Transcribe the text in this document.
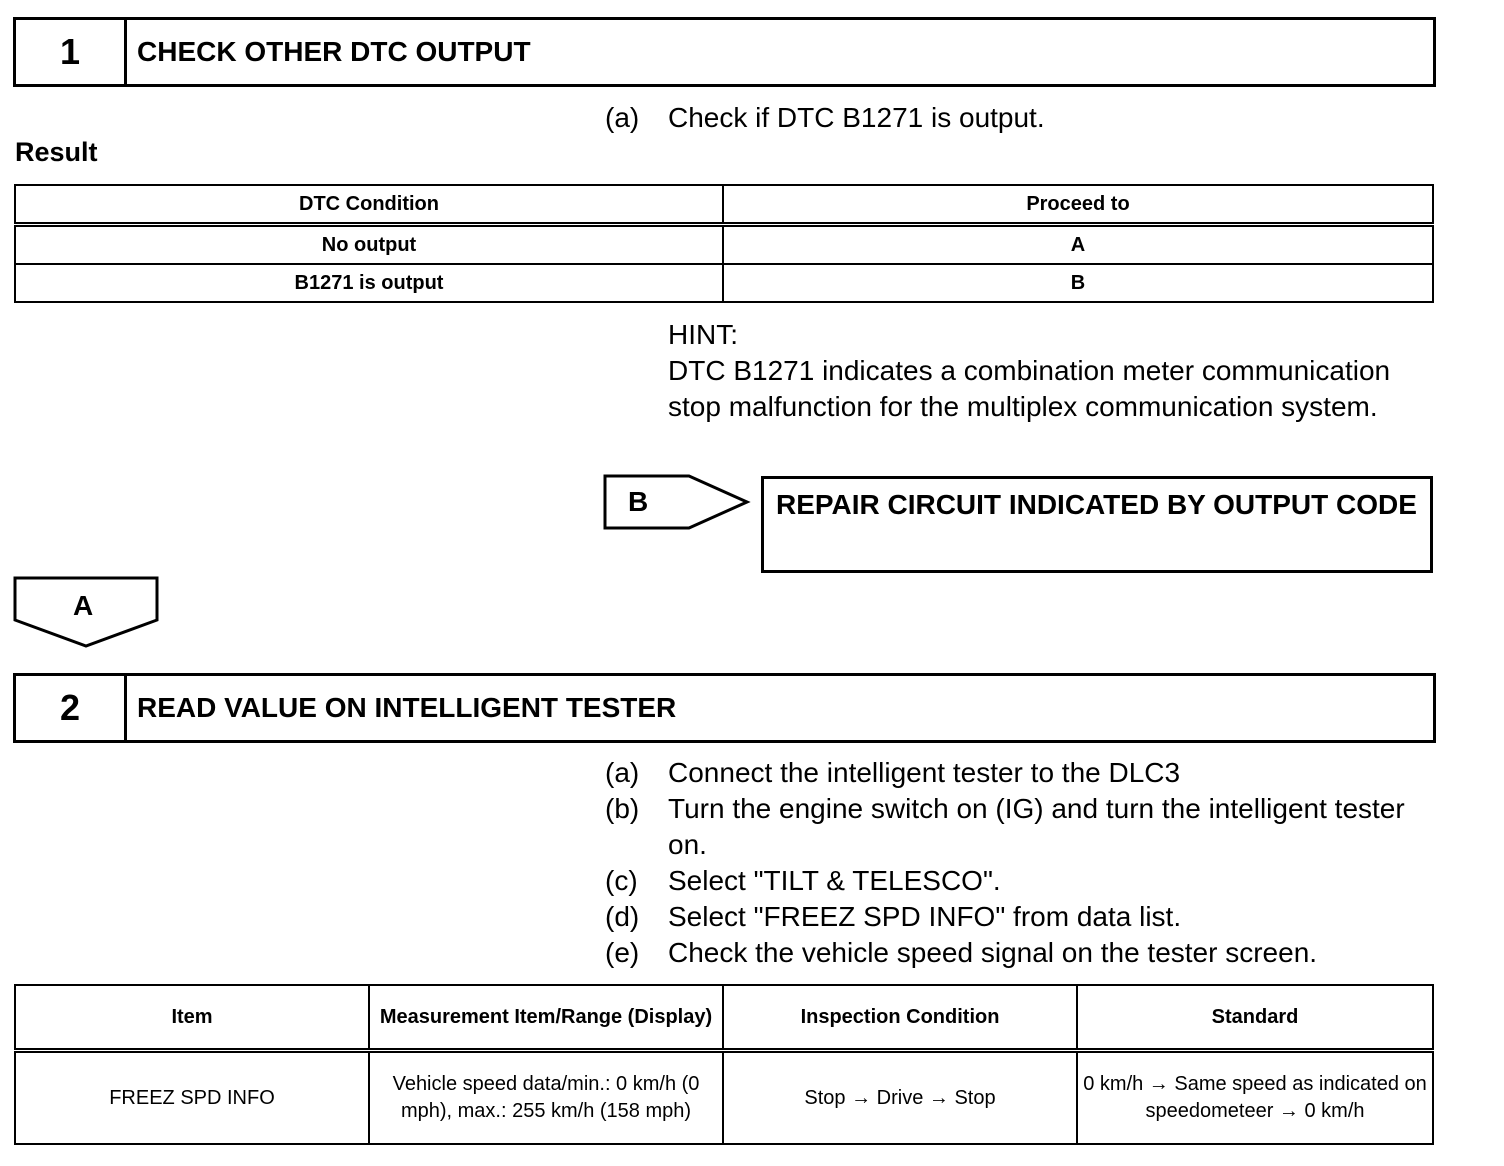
1	CHECK OTHER DTC OUTPUT
(a)	Check if DTC B1271 is output.
Result
DTC Condition	Proceed to
No output	A
B1271 is output	B
HINT:
DTC B1271 indicates a combination meter communication stop malfunction for the multiplex communication system.
B	REPAIR CIRCUIT INDICATED BY OUTPUT CODE
A
2	READ VALUE ON INTELLIGENT TESTER
(a)	Connect the intelligent tester to the DLC3
(b)	Turn the engine switch on (IG) and turn the intelligent tester on.
(c)	Select "TILT & TELESCO".
(d)	Select "FREEZ SPD INFO" from data list.
(e)	Check the vehicle speed signal on the tester screen.
Item	Measurement Item/Range (Display)	Inspection Condition	Standard
FREEZ SPD INFO	Vehicle speed data/min.: 0 km/h (0 mph), max.: 255 km/h (158 mph)	Stop → Drive → Stop	0 km/h → Same speed as indicated on speedometeer → 0 km/h
